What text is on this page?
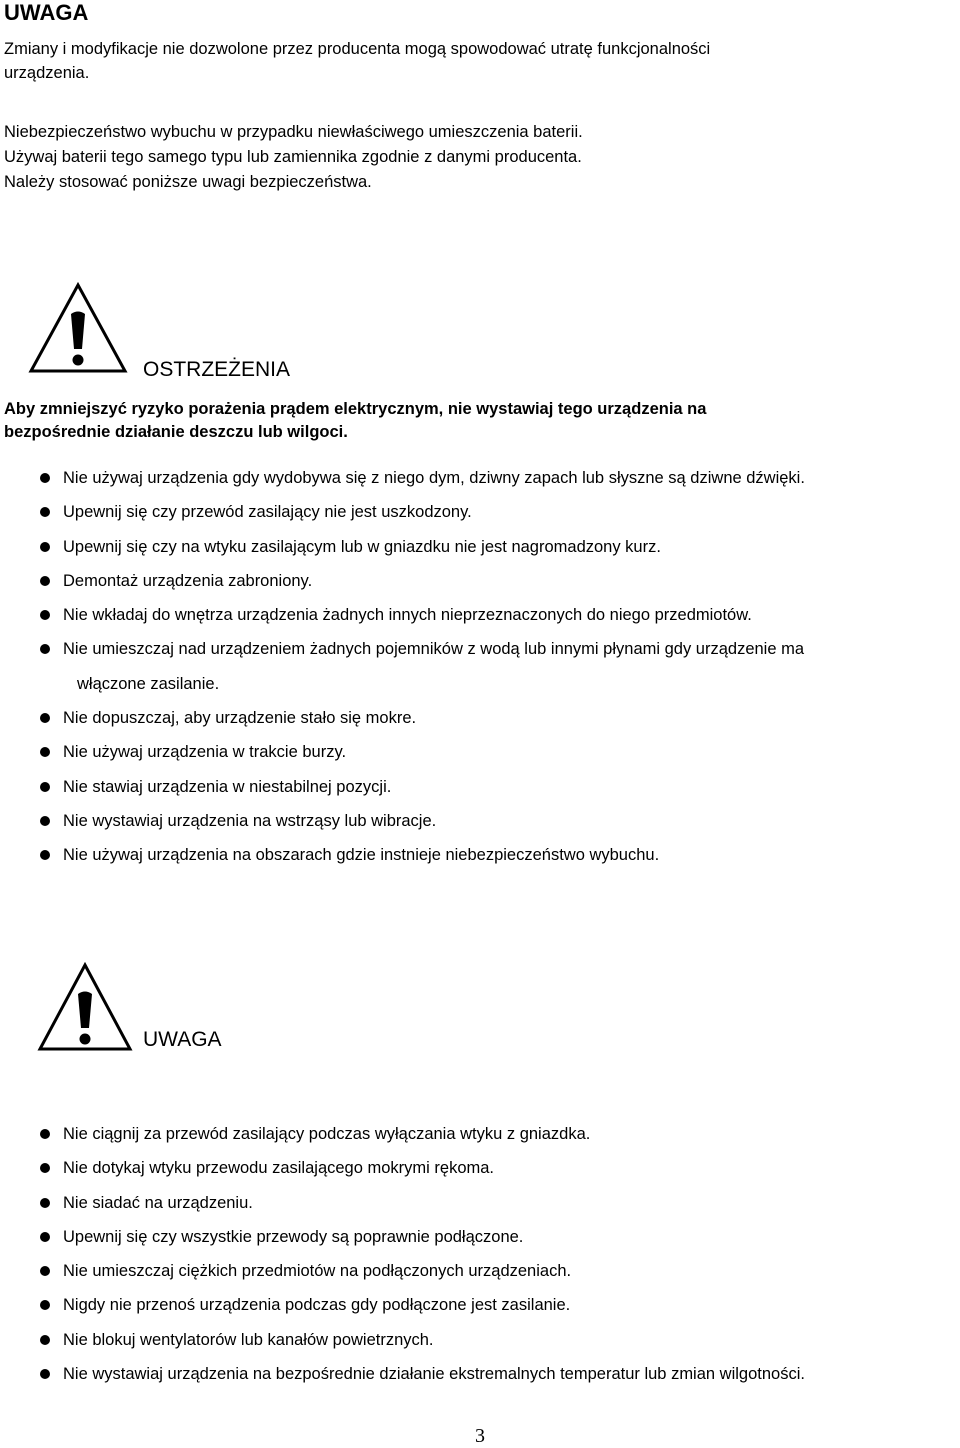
UWAGA
Zmiany i modyfikacje nie dozwolone przez producenta mogą spowodować utratę funkcjonalności
urządzenia.
Niebezpieczeństwo wybuchu w przypadku niewłaściwego umieszczenia baterii.
Używaj baterii tego samego typu lub zamiennika zgodnie z danymi producenta.
Należy stosować poniższe uwagi bezpieczeństwa.
OSTRZEŻENIA
Aby zmniejszyć ryzyko porażenia prądem elektrycznym, nie wystawiaj tego urządzenia na
bezpośrednie działanie deszczu lub wilgoci.
Nie używaj urządzenia gdy wydobywa się z niego dym, dziwny zapach lub słyszne są dziwne dźwięki.
Upewnij się czy przewód zasilający nie jest uszkodzony.
Upewnij się czy na wtyku zasilającym lub w gniazdku nie jest nagromadzony kurz.
Demontaż urządzenia zabroniony.
Nie wkładaj do wnętrza urządzenia żadnych innych nieprzeznaczonych do niego przedmiotów.
Nie umieszczaj nad urządzeniem żadnych pojemników z wodą lub innymi płynami gdy urządzenie ma
włączone zasilanie.
Nie dopuszczaj, aby urządzenie stało się mokre.
Nie używaj urządzenia w trakcie burzy.
Nie stawiaj urządzenia w niestabilnej pozycji.
Nie wystawiaj urządzenia na wstrząsy lub wibracje.
Nie używaj urządzenia na obszarach gdzie instnieje niebezpieczeństwo wybuchu.
UWAGA
Nie ciągnij za przewód zasilający podczas wyłączania wtyku z gniazdka.
Nie dotykaj wtyku przewodu zasilającego mokrymi rękoma.
Nie siadać na urządzeniu.
Upewnij się czy wszystkie przewody są poprawnie podłączone.
Nie umieszczaj ciężkich przedmiotów na podłączonych urządzeniach.
Nigdy nie przenoś urządzenia podczas gdy podłączone jest zasilanie.
Nie blokuj wentylatorów lub kanałów powietrznych.
Nie wystawiaj urządzenia na bezpośrednie działanie ekstremalnych temperatur lub zmian wilgotności.
3
